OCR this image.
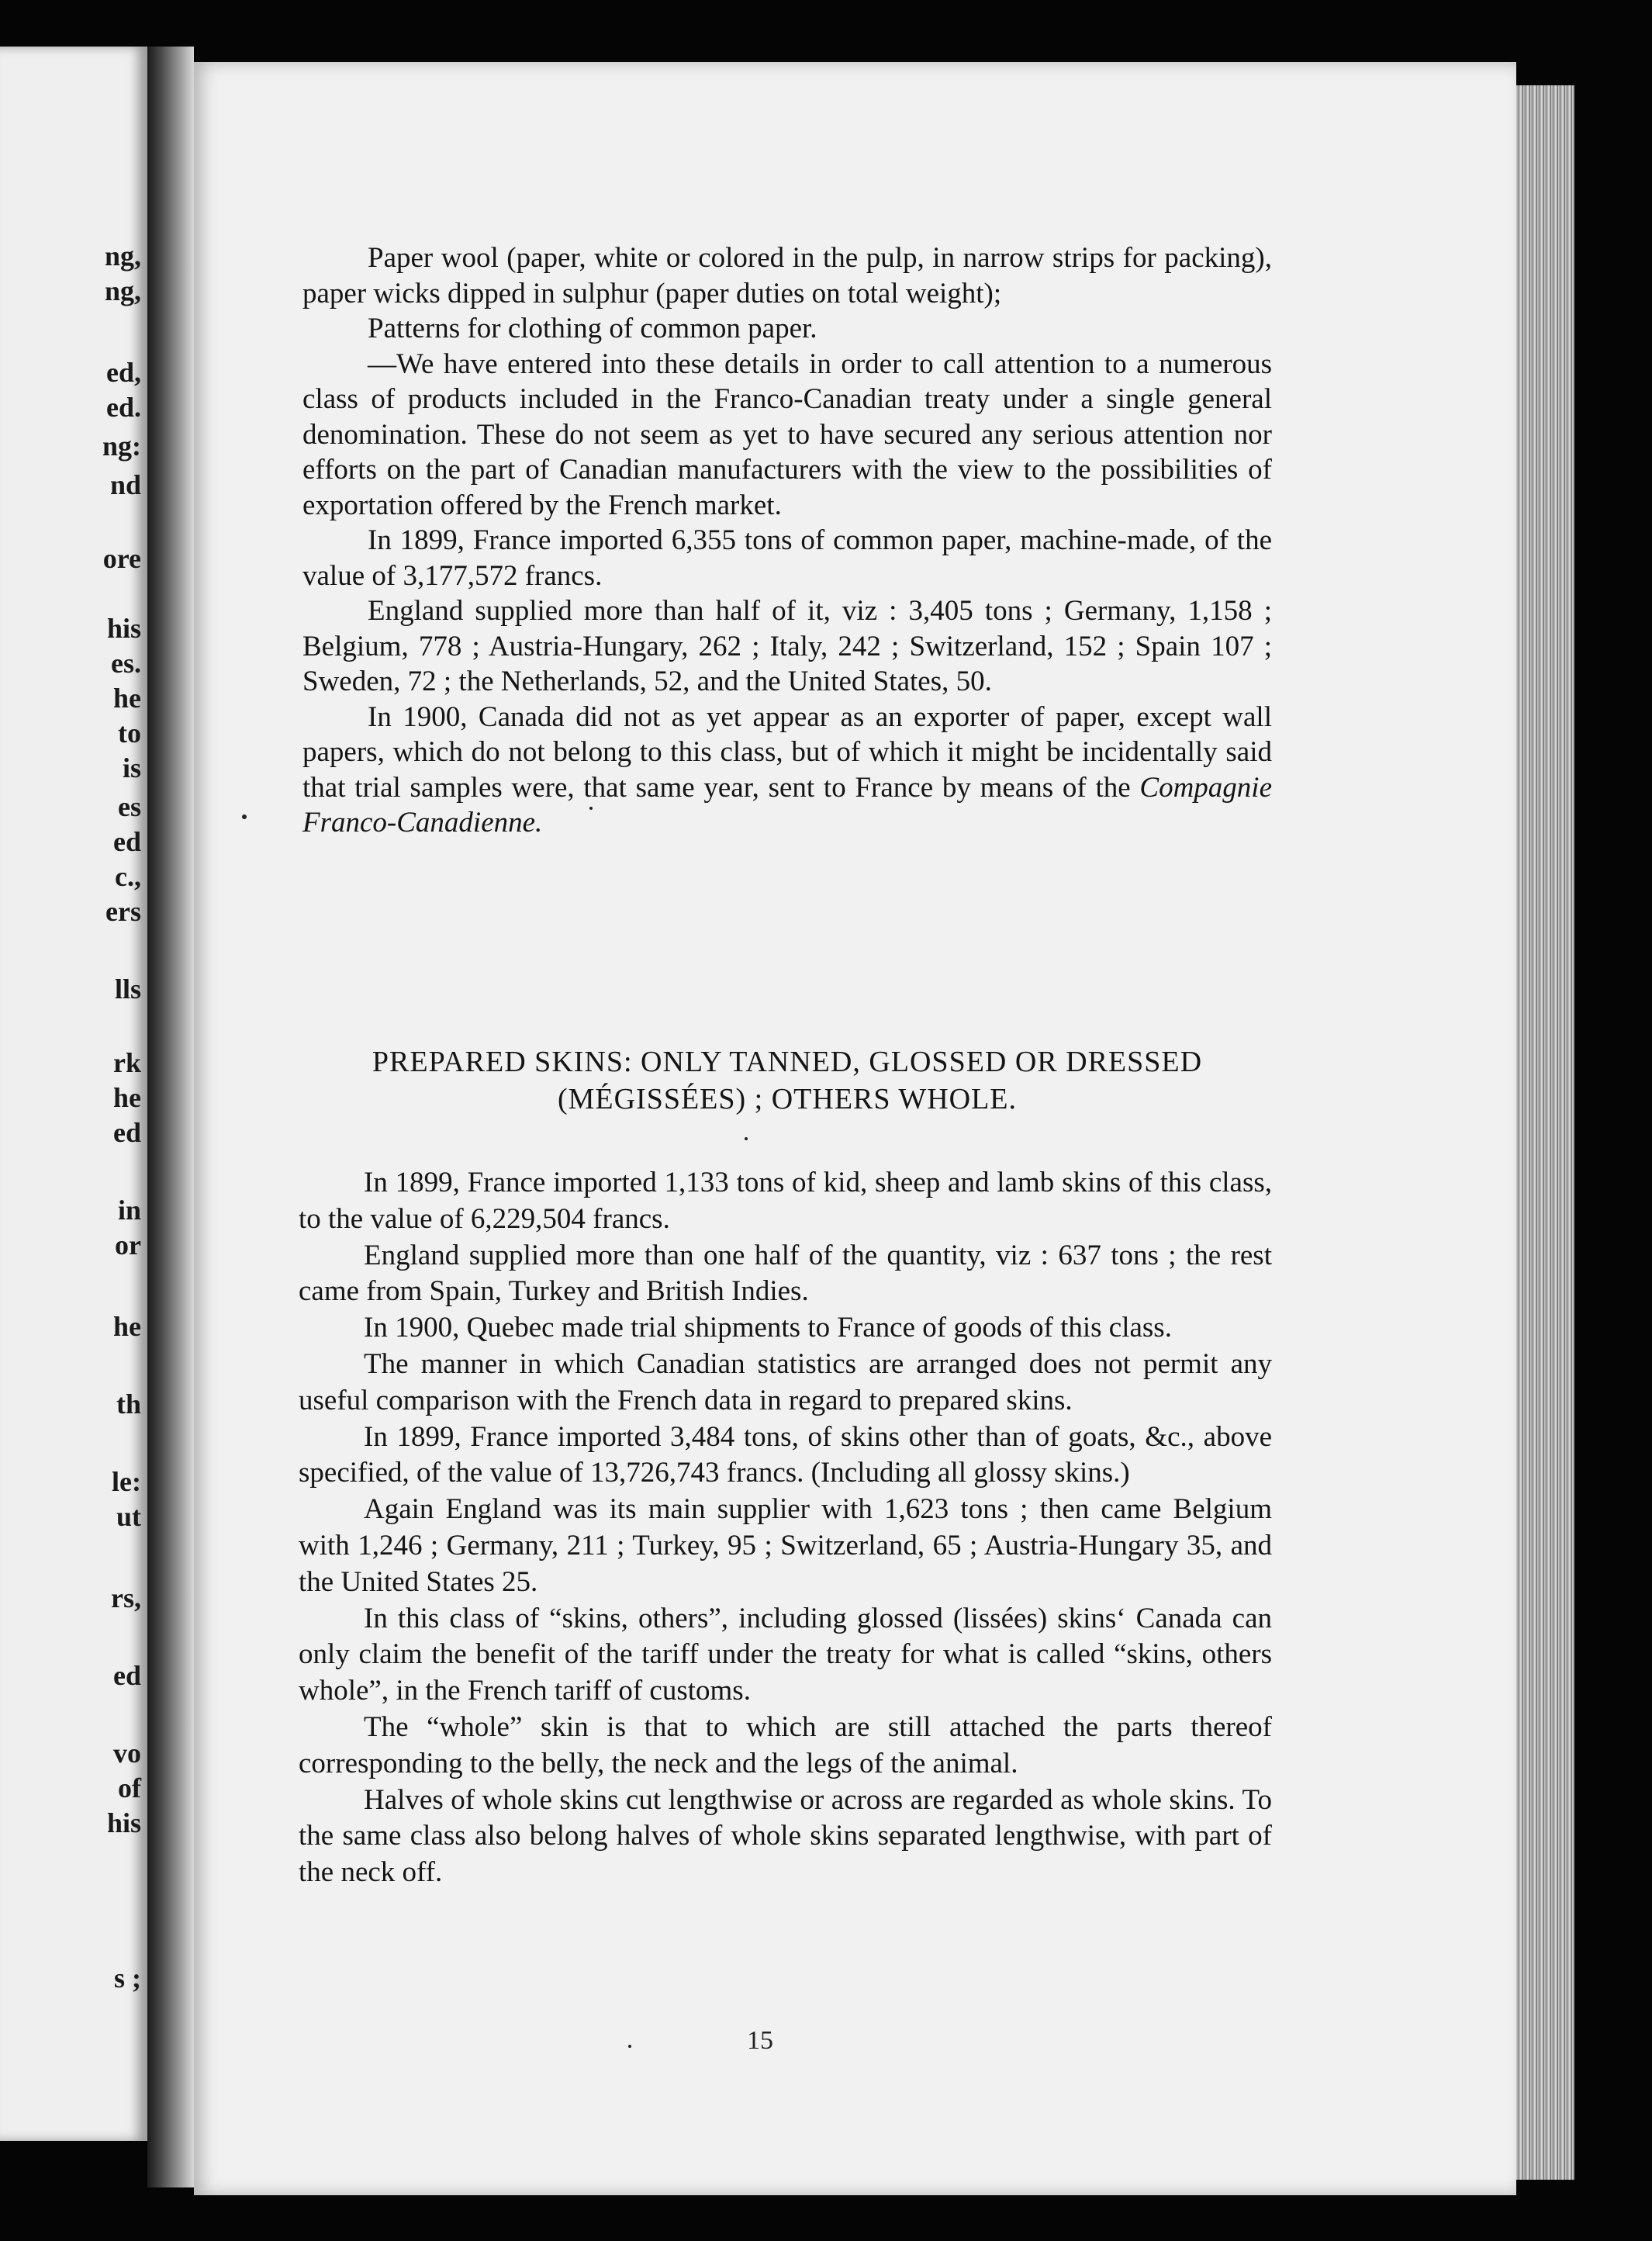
ng,
ng,
ed,
ed.
ng:
nd
ore
his
es.
he
to
is
es
ed
c.,
ers
lls
rk
he
ed
in
or
he
th
le:
ut
rs,
ed
vo
of
his
s ;

Paper wool (paper, white or colored in the pulp, in narrow strips for packing), paper wicks dipped in sulphur (paper duties on total weight);

Patterns for clothing of common paper.

—We have entered into these details in order to call attention to a numerous class of products included in the Franco-Canadian treaty under a single general denomination. These do not seem as yet to have secured any serious attention nor efforts on the part of Canadian manufacturers with the view to the possibilities of exportation offered by the French market.

In 1899, France imported 6,355 tons of common paper, machine-made, of the value of 3,177,572 francs.

England supplied more than half of it, viz : 3,405 tons ; Germany, 1,158 ; Belgium, 778 ; Austria-Hungary, 262 ; Italy, 242 ; Switzerland, 152 ; Spain 107 ; Sweden, 72 ; the Netherlands, 52, and the United States, 50.

In 1900, Canada did not as yet appear as an exporter of paper, except wall papers, which do not belong to this class, but of which it might be incidentally said that trial samples were, that same year, sent to France by means of the Compagnie Franco-Canadienne.

PREPARED SKINS: ONLY TANNED, GLOSSED OR DRESSED
(MÉGISSÉES) ; OTHERS WHOLE.

In 1899, France imported 1,133 tons of kid, sheep and lamb skins of this class, to the value of 6,229,504 francs.

England supplied more than one half of the quantity, viz : 637 tons ; the rest came from Spain, Turkey and British Indies.

In 1900, Quebec made trial shipments to France of goods of this class.

The manner in which Canadian statistics are arranged does not permit any useful comparison with the French data in regard to prepared skins.

In 1899, France imported 3,484 tons, of skins other than of goats, &c., above specified, of the value of 13,726,743 francs. (Including all glossy skins.)

Again England was its main supplier with 1,623 tons ; then came Belgium with 1,246 ; Germany, 211 ; Turkey, 95 ; Switzerland, 65 ; Austria-Hungary 35, and the United States 25.

In this class of “skins, others”, including glossed (lissées) skins‘ Canada can only claim the benefit of the tariff under the treaty for what is called “skins, others whole”, in the French tariff of customs.

The “whole” skin is that to which are still attached the parts thereof corresponding to the belly, the neck and the legs of the animal.

Halves of whole skins cut lengthwise or across are regarded as whole skins. To the same class also belong halves of whole skins separated lengthwise, with part of the neck off.

15
